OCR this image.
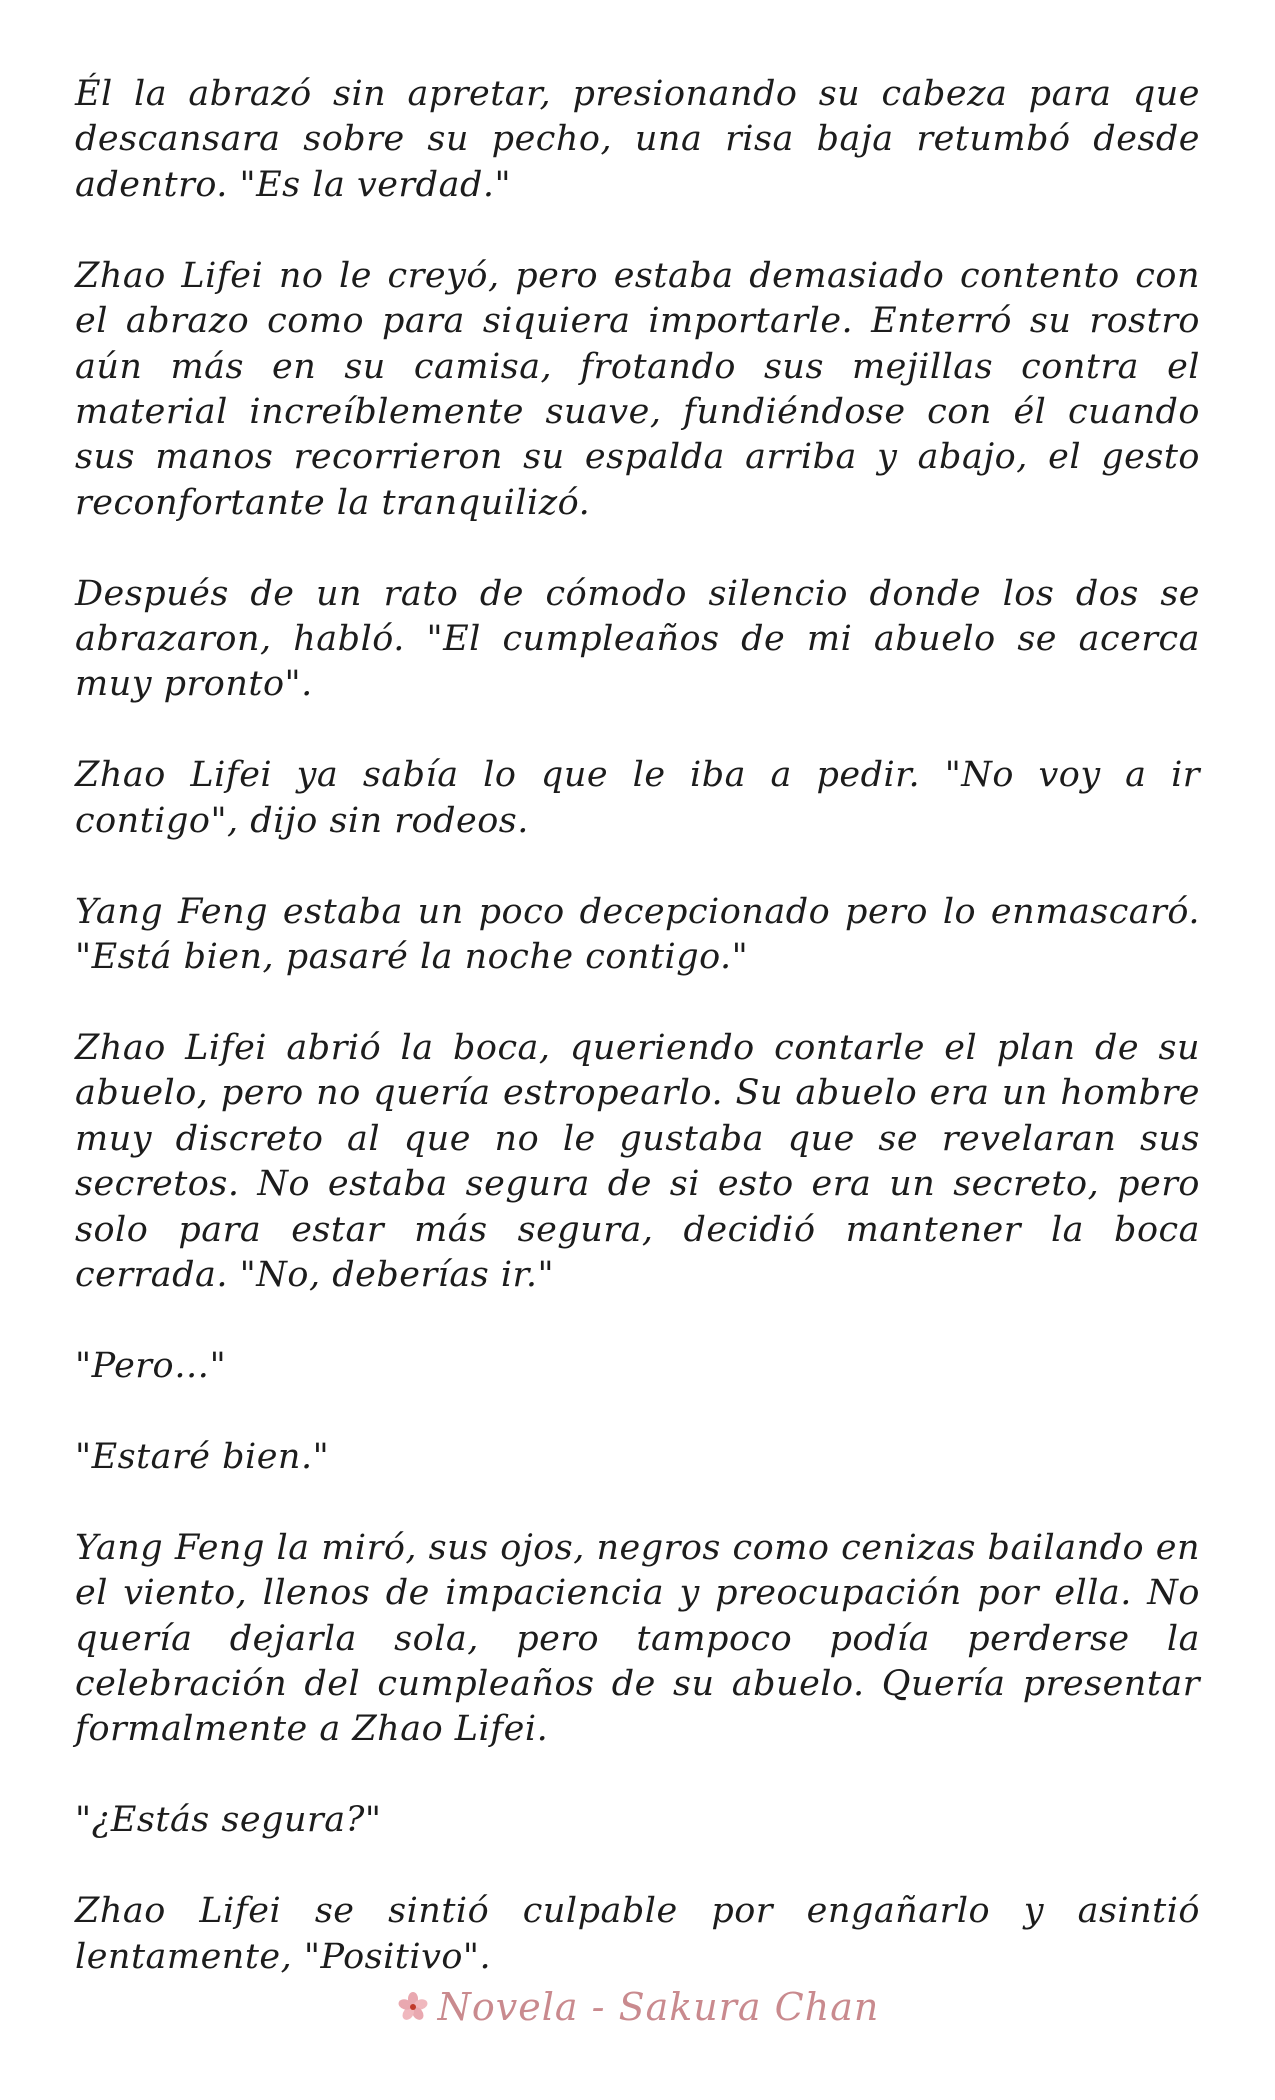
Él la abrazó sin apretar, presionando su cabeza para que descansara sobre su pecho, una risa baja retumbó desde adentro. "Es la verdad."

Zhao Lifei no le creyó, pero estaba demasiado contento con el abrazo como para siquiera importarle. Enterró su rostro aún más en su camisa, frotando sus mejillas contra el material increíblemente suave, fundiéndose con él cuando sus manos recorrieron su espalda arriba y abajo, el gesto reconfortante la tranquilizó.

Después de un rato de cómodo silencio donde los dos se abrazaron, habló. "El cumpleaños de mi abuelo se acerca muy pronto".

Zhao Lifei ya sabía lo que le iba a pedir. "No voy a ir contigo", dijo sin rodeos.

Yang Feng estaba un poco decepcionado pero lo enmascaró. "Está bien, pasaré la noche contigo."

Zhao Lifei abrió la boca, queriendo contarle el plan de su abuelo, pero no quería estropearlo. Su abuelo era un hombre muy discreto al que no le gustaba que se revelaran sus secretos. No estaba segura de si esto era un secreto, pero solo para estar más segura, decidió mantener la boca cerrada. "No, deberías ir."

"Pero…"

"Estaré bien."

Yang Feng la miró, sus ojos, negros como cenizas bailando en el viento, llenos de impaciencia y preocupación por ella. No quería dejarla sola, pero tampoco podía perderse la celebración del cumpleaños de su abuelo. Quería presentar formalmente a Zhao Lifei.

"¿Estás segura?"

Zhao Lifei se sintió culpable por engañarlo y asintió lentamente, "Positivo".

Novela - Sakura Chan
